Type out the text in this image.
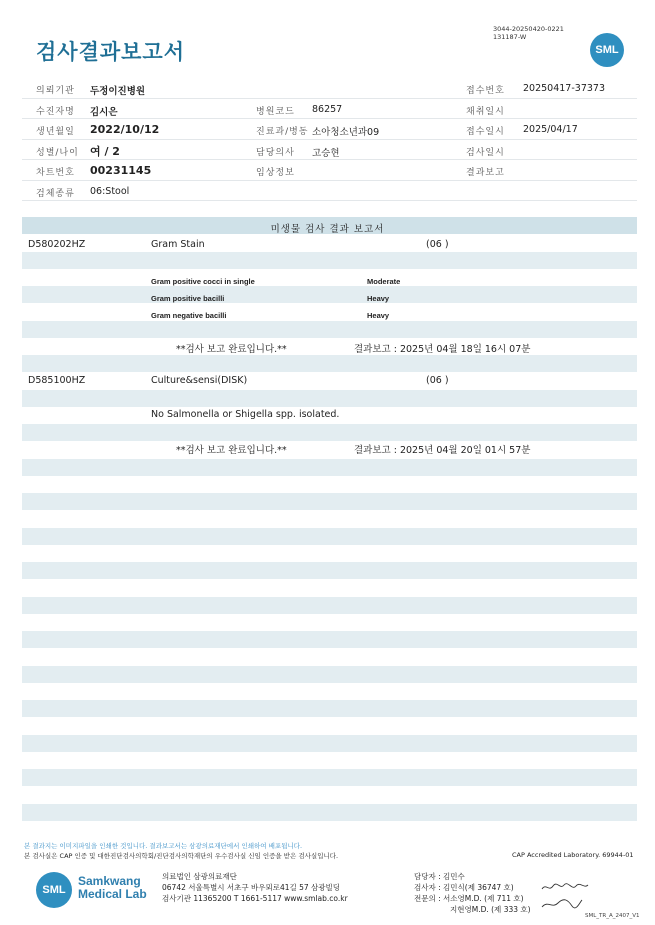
검사결과보고서
3044-20250420-0221
131187-W
SML
의뢰기관 두정이진병원	접수번호 20250417-37373
수진자명 김시은	병원코드 86257	채취일시
생년월일 2022/10/12	진료과/병동 소아청소년과09	접수일시 2025/04/17
성별/나이 여 / 2	담당의사 고승현	검사일시
차트번호 00231145	임상정보	결과보고
검체종류 06:Stool
미생물 검사 결과 보고서
D580202HZ	Gram Stain	(06 )
Gram positive cocci in single	Moderate
Gram positive bacilli	Heavy
Gram negative bacilli	Heavy
**검사 보고 완료입니다.**	결과보고 : 2025년 04월 18일 16시 07분
D585100HZ	Culture&sensi(DISK)	(06 )
No Salmonella or Shigella spp. isolated.
**검사 보고 완료입니다.**	결과보고 : 2025년 04월 20일 01시 57분
본 결과지는 이미지파일을 인쇄한 것입니다. 결과보고서는 삼광의료재단에서 인쇄하여 배포됩니다.
본 검사실은 CAP 인증 및 대한진단검사의학회/진단검사의학재단의 우수검사실 신임 인증을 받은 검사실입니다.	CAP Accredited Laboratory. 69944-01
SML
Samkwang
Medical Lab
의료법인 삼광의료재단
06742 서울특별시 서초구 바우뫼로41길 57 삼광빌딩
검사기관 11365200 T 1661-5117 www.smlab.co.kr
담당자 : 김민수
검사자 : 김민식(제 36747 호)
전문의 : 서소영M.D. (제 711 호)
지현영M.D. (제 333 호)
SML_TR_A_2407_V1
